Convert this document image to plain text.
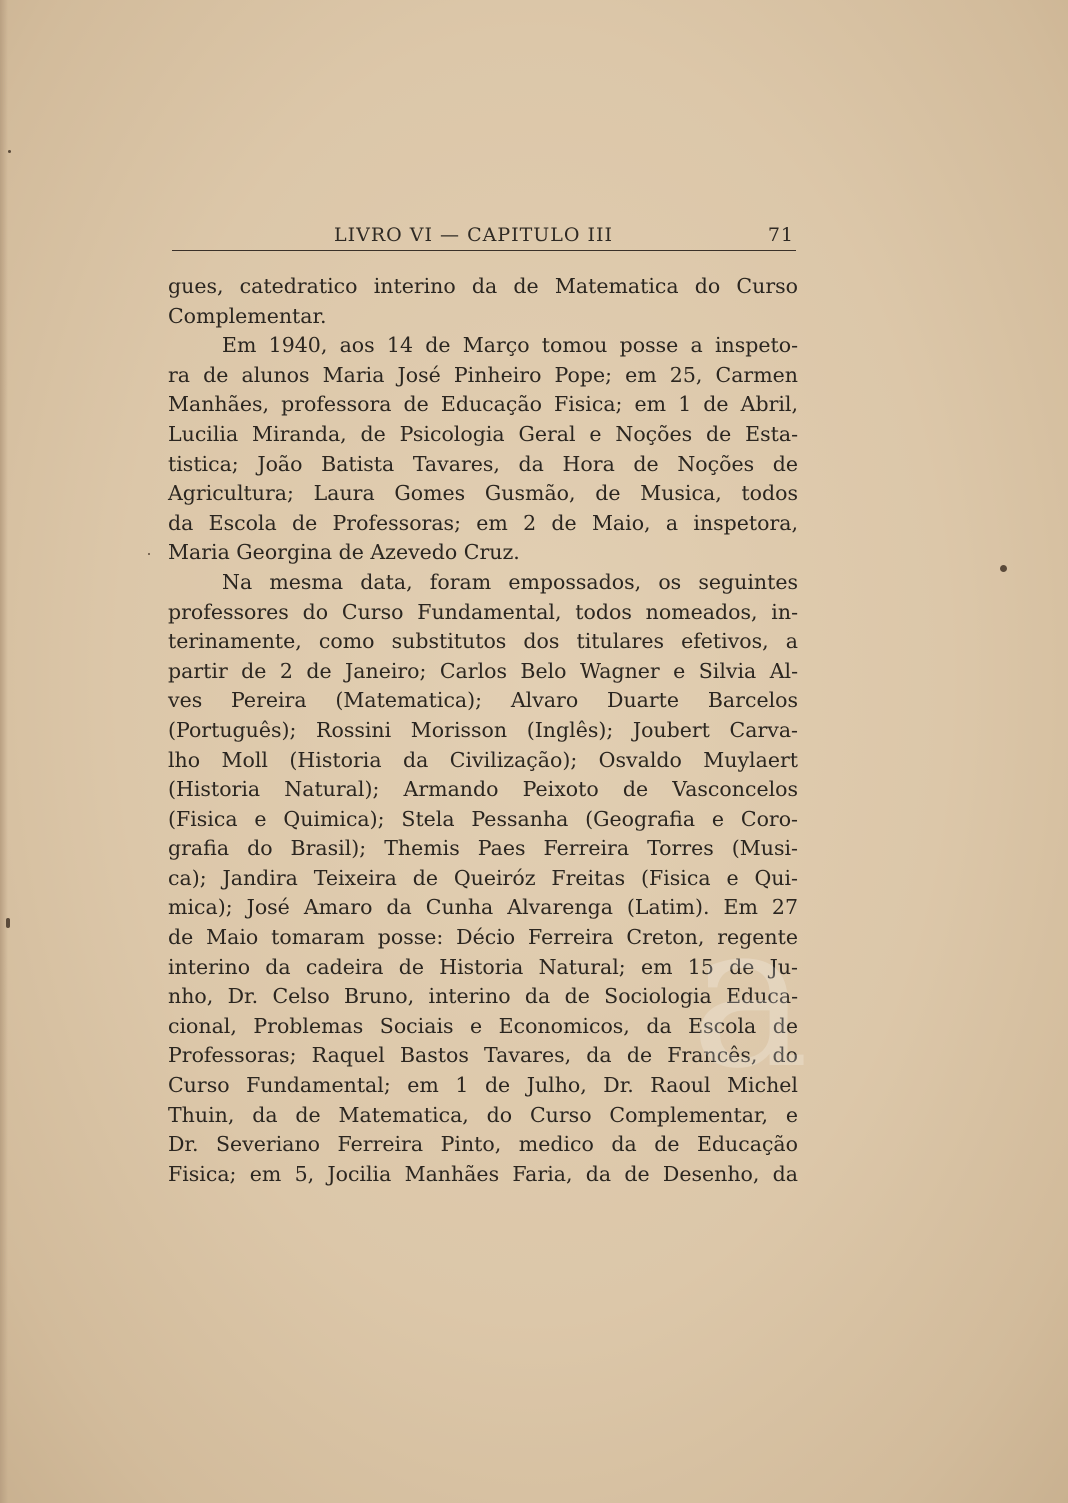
LIVRO VI — CAPITULO III	71
gues, catedratico interino da de Matematica do Curso
Complementar.
Em 1940, aos 14 de Março tomou posse a inspeto-
ra de alunos Maria José Pinheiro Pope; em 25, Carmen
Manhães, professora de Educação Fisica; em 1 de Abril,
Lucilia Miranda, de Psicologia Geral e Noções de Esta-
tistica; João Batista Tavares, da Hora de Noções de
Agricultura; Laura Gomes Gusmão, de Musica, todos
da Escola de Professoras; em 2 de Maio, a inspetora,
Maria Georgina de Azevedo Cruz.
Na mesma data, foram empossados, os seguintes
professores do Curso Fundamental, todos nomeados, in-
terinamente, como substitutos dos titulares efetivos, a
partir de 2 de Janeiro; Carlos Belo Wagner e Silvia Al-
ves Pereira (Matematica); Alvaro Duarte Barcelos
(Português); Rossini Morisson (Inglês); Joubert Carva-
lho Moll (Historia da Civilização); Osvaldo Muylaert
(Historia Natural); Armando Peixoto de Vasconcelos
(Fisica e Quimica); Stela Pessanha (Geografia e Coro-
grafia do Brasil); Themis Paes Ferreira Torres (Musi-
ca); Jandira Teixeira de Queiróz Freitas (Fisica e Qui-
mica); José Amaro da Cunha Alvarenga (Latim). Em 27
de Maio tomaram posse: Décio Ferreira Creton, regente
interino da cadeira de Historia Natural; em 15 de Ju-
nho, Dr. Celso Bruno, interino da de Sociologia Educa-
cional, Problemas Sociais e Economicos, da Escola de
Professoras; Raquel Bastos Tavares, da de Francês, do
Curso Fundamental; em 1 de Julho, Dr. Raoul Michel
Thuin, da de Matematica, do Curso Complementar, e
Dr. Severiano Ferreira Pinto, medico da de Educação
Fisica; em 5, Jocilia Manhães Faria, da de Desenho, da
a
